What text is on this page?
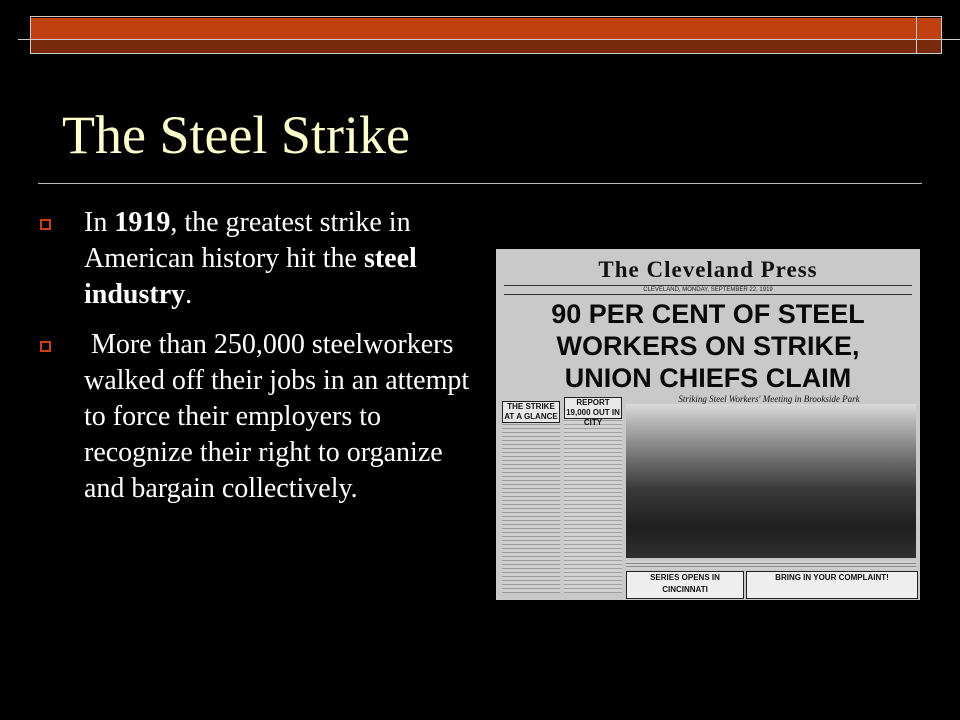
The Steel Strike
In 1919, the greatest strike in American history hit the steel industry.
More than 250,000 steelworkers walked off their jobs in an attempt to force their employers to recognize their right to organize and bargain collectively.
The Cleveland Press
CLEVELAND, MONDAY, SEPTEMBER 22, 1919
90 PER CENT OF STEEL
WORKERS ON STRIKE,
UNION CHIEFS CLAIM
Striking Steel Workers' Meeting in Brookside Park
THE STRIKE AT A GLANCE
REPORT 19,000 OUT IN CITY
SERIES OPENS IN CINCINNATI
BRING IN YOUR COMPLAINT!
